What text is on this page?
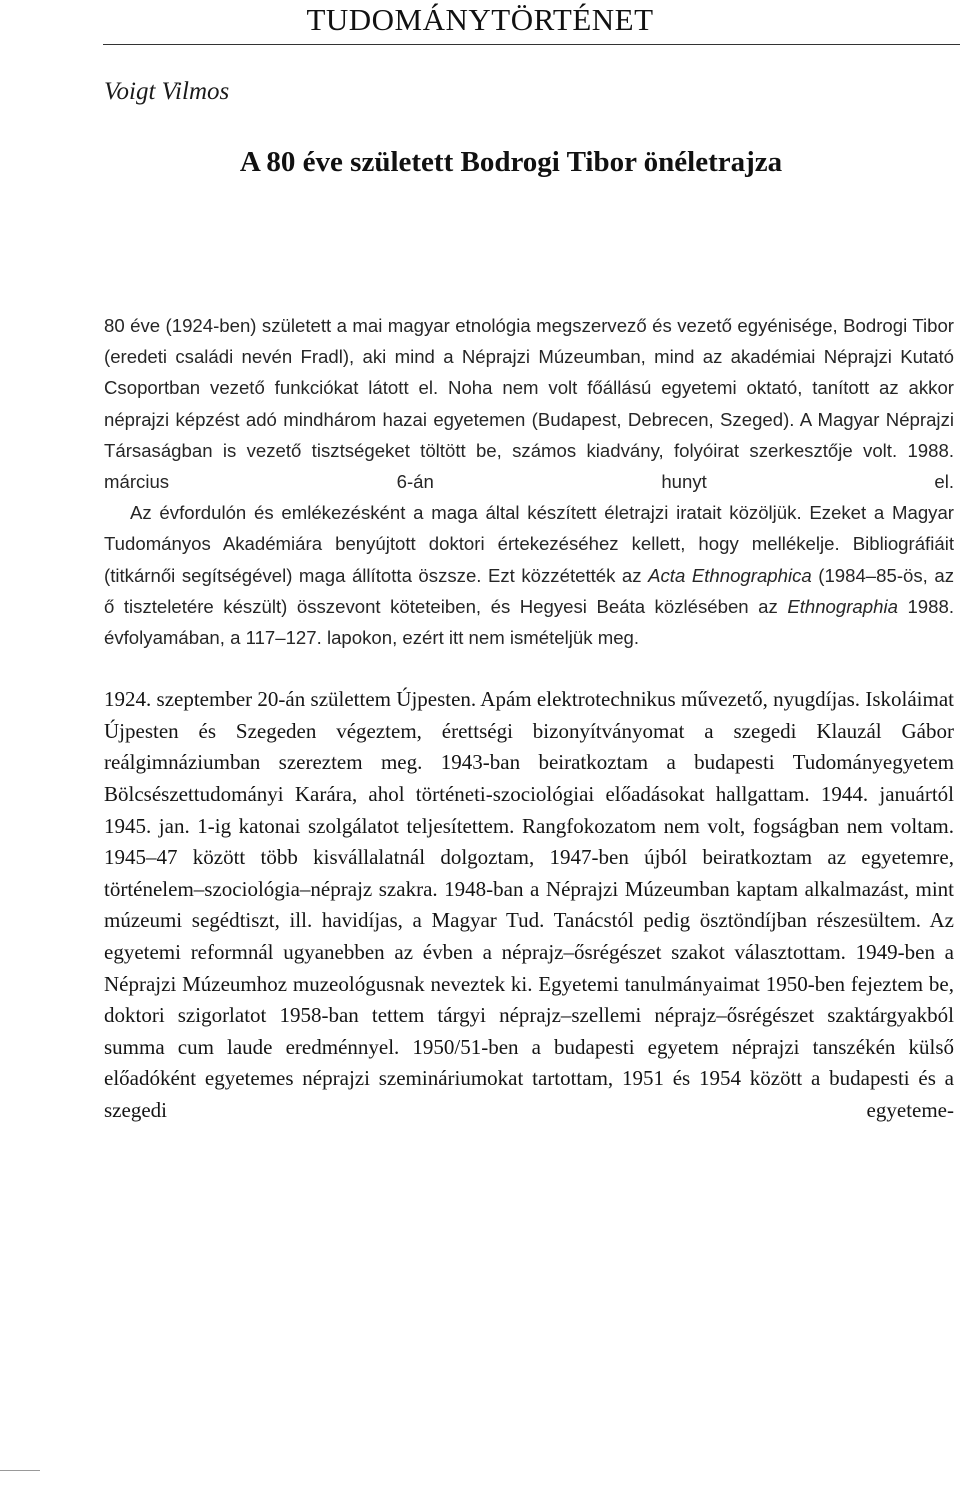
TUDOMÁNYTÖRTÉNET
Voigt Vilmos
A 80 éve született Bodrogi Tibor önéletrajza

80 éve (1924-ben) született a mai magyar etnológia megszervező és vezető egyénisége, Bodrogi Tibor (eredeti családi nevén Fradl), aki mind a Néprajzi Múzeumban, mind az akadémiai Néprajzi Kutató Csoportban vezető funkciókat látott el. Noha nem volt főállású egyetemi oktató, tanított az akkor néprajzi képzést adó mindhárom hazai egyetemen (Budapest, Debrecen, Szeged). A Magyar Néprajzi Társaságban is vezető tisztségeket töltött be, számos kiadvány, folyóirat szerkesztője volt. 1988. március 6-án hunyt el.

Az évfordulón és emlékezésként a maga által készített életrajzi iratait közöljük. Ezeket a Magyar Tudományos Akadémiára benyújtott doktori értekezéséhez kellett, hogy mellékelje. Bibliográfiáit (titkárnői segítségével) maga állította öszsze. Ezt közzétették az Acta Ethnographica (1984–85-ös, az ő tiszteletére készült) összevont köteteiben, és Hegyesi Beáta közlésében az Ethnographia 1988. évfolyamában, a 117–127. lapokon, ezért itt nem ismételjük meg.

1924. szeptember 20-án születtem Újpesten. Apám elektrotechnikus művezető, nyugdíjas. Iskoláimat Újpesten és Szegeden végeztem, érettségi bizonyítványomat a szegedi Klauzál Gábor reálgimnáziumban szereztem meg. 1943-ban beiratkoztam a budapesti Tudományegyetem Bölcsészettudományi Karára, ahol történeti-szociológiai előadásokat hallgattam. 1944. januártól 1945. jan. 1-ig katonai szolgálatot teljesítettem. Rangfokozatom nem volt, fogságban nem voltam. 1945–47 között több kisvállalatnál dolgoztam, 1947-ben újból beiratkoztam az egyetemre, történelem–szociológia–néprajz szakra. 1948-ban a Néprajzi Múzeumban kaptam alkalmazást, mint múzeumi segédtiszt, ill. havidíjas, a Magyar Tud. Tanácstól pedig ösztöndíjban részesültem. Az egyetemi reformnál ugyanebben az évben a néprajz–ősrégészet szakot választottam. 1949-ben a Néprajzi Múzeumhoz muzeológusnak neveztek ki. Egyetemi tanulmányaimat 1950-ben fejeztem be, doktori szigorlatot 1958-ban tettem tárgyi néprajz–szellemi néprajz–ősrégészet szaktárgyakból summa cum laude eredménnyel. 1950/51-ben a budapesti egyetem néprajzi tanszékén külső előadóként egyetemes néprajzi szemináriumokat tartottam, 1951 és 1954 között a budapesti és a szegedi egyeteme-
